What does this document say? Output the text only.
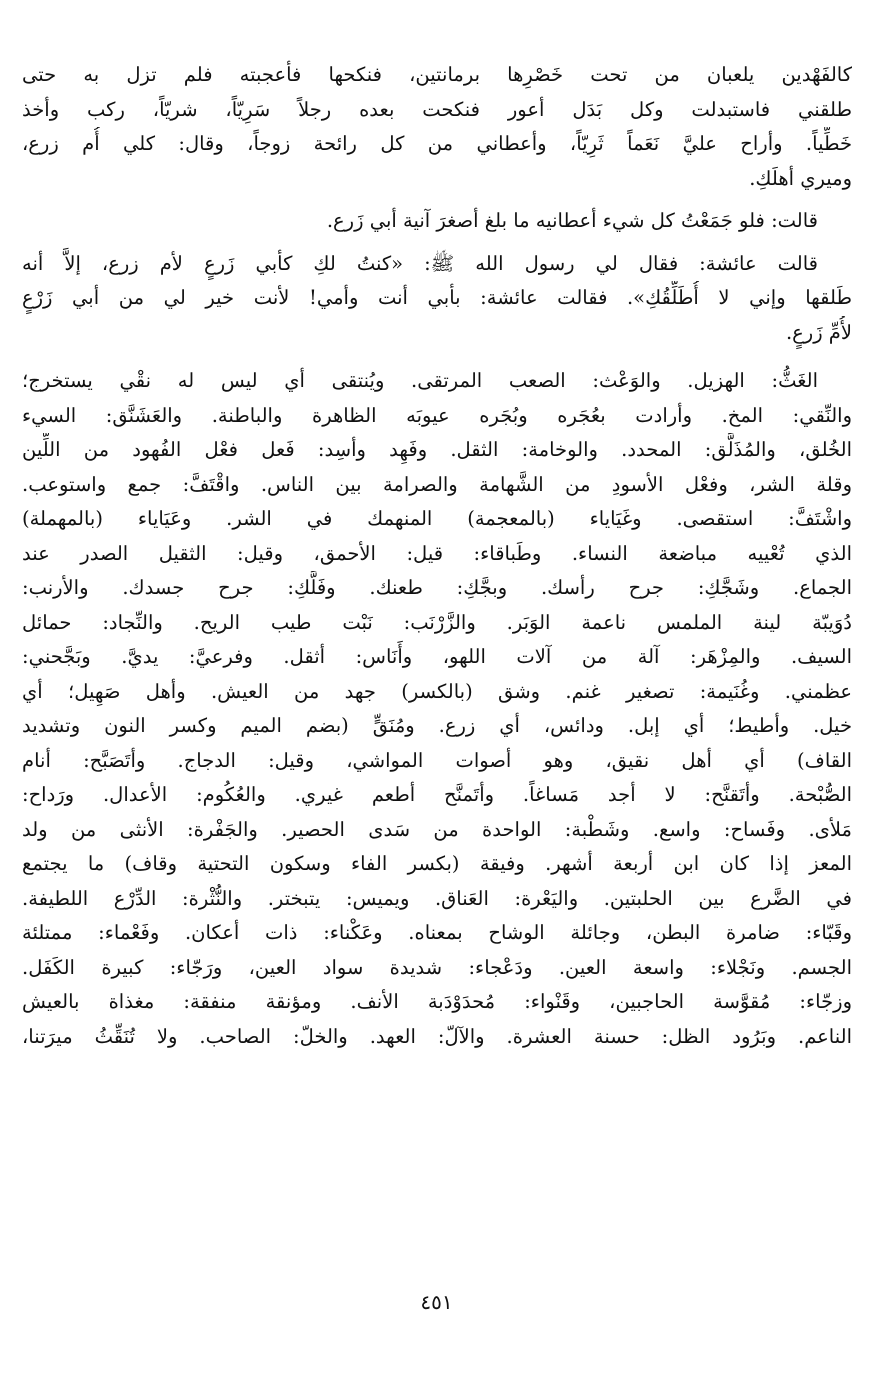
كالفَهْدين يلعبان من تحت خَصْرِها برمانتين، فنكحها فأعجبته فلم تزل به حتى
طلقني فاستبدلت وكل بَدَل أعور فنكحت بعده رجلاً سَرِيّاً، شريّاً، ركب وأخذ
خَطِّياً. وأراح عليَّ نَعَماً ثَرِيّاً، وأعطاني من كل رائحة زوجاً، وقال: كلي أُم زرع،
وميري أهلَكِ.
قالت: فلو جَمَعْتُ كل شيء أعطانيه ما بلغ أصغرَ آنية أبي زَرع.
قالت عائشة: فقال لي رسول الله ﷺ: «كنتُ لكِ كأبي زَرعٍ لأم زرع، إلاَّ أنه
طَلقها وإني لا أُطَلِّقُكِ». فقالت عائشة: بأبي أنت وأمي! لأنت خير لي من أبي زَرْعٍ
لأُمِّ زَرعٍ.
الغَثُّ: الهزيل. والوَعْث: الصعب المرتقى. ويُنتقى أي ليس له نقْي يستخرج؛
والنِّقي: المخ. وأرادت بعُجَره وبُجَره عيوبَه الظاهرة والباطنة. والعَشَنَّق: السيء
الخُلق، والمُذَلَّق: المحدد. والوخامة: الثقل. وفَهِد وأسِد: فَعل فعْل الفُهود من اللِّين
وقلة الشر، وفعْل الأسودِ من الشَّهامة والصرامة بين الناس. واقْتَفَّ: جمع واستوعب.
واشْتَفَّ: استقصى. وغَيَاياء (بالمعجمة) المنهمك في الشر. وعَيَاياء (بالمهملة)
الذي تُعْييه مباضعة النساء. وطَباقاء: قيل: الأحمق، وقيل: الثقيل الصدر عند
الجماع. وشَجَّكِ: جرح رأسك. وبجَّكِ: طعنك. وفَلَّكِ: جرح جسدك. والأرنب:
دُوَيبّة لينة الملمس ناعمة الوَبَر. والزَّرْنَب: نَبْت طيب الريح. والنِّجاد: حمائل
السيف. والمِزْهَر: آلة من آلات اللهو، وأَنَاس: أثقل. وفرعيَّ: يديَّ. وبَجَّحني:
عظمني. وغُنَيمة: تصغير غنم. وشق (بالكسر) جهد من العيش. وأهل صَهِيل؛ أي
خيل. وأطيط؛ أي إبل. ودائس، أي زرع. ومُنَقٍّ (بضم الميم وكسر النون وتشديد
القاف) أي أهل نقيق، وهو أصوات المواشي، وقيل: الدجاج. وأتَصَبَّح: أنام
الصُّبْحة. وأتَقنَّح: لا أجد مَساغاً. وأتَمنَّح أطعم غيري. والعُكُوم: الأعدال. ورَداح:
مَلأى. وفَساح: واسع. وشَطْبة: الواحدة من سَدى الحصير. والجَفْرة: الأنثى من ولد
المعز إذا كان ابن أربعة أشهر. وفيقة (بكسر الفاء وسكون التحتية وقاف) ما يجتمع
في الضَّرع بين الحلبتين. واليَعْرة: العَناق. ويميس: يتبختر. والنُّثْرة: الدِّرْع اللطيفة.
وقَبّاء: ضامرة البطن، وجائلة الوشاح بمعناه. وعَكْناء: ذات أعكان. وفَعْماء: ممتلئة
الجسم. ونَجْلاء: واسعة العين. ودَعْجاء: شديدة سواد العين، ورَجّاء: كبيرة الكَفَل.
وزجّاء: مُقوَّسة الحاجبين، وقَنْواء: مُحدَوْدَبة الأنف. ومؤنقة منفقة: مغذاة بالعيش
الناعم. وبَرُود الظل: حسنة العشرة. والآلّ: العهد. والخلّ: الصاحب. ولا تُنَقِّثُ ميرَتنا،
٤٥١
